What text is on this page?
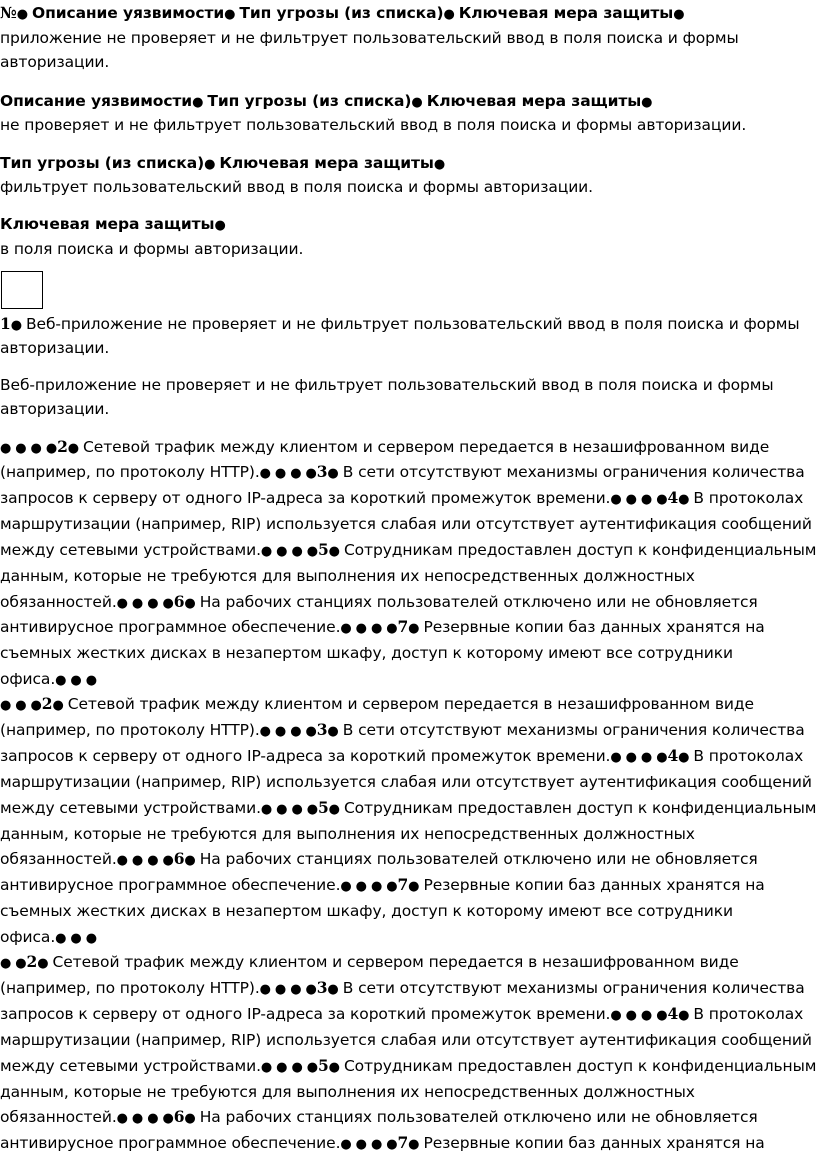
№● Описание уязвимости● Тип угрозы (из списка)● Ключевая мера защиты●
приложение не проверяет и не фильтрует пользовательский ввод в поля поиска и формы
авторизации.
Описание уязвимости● Тип угрозы (из списка)● Ключевая мера защиты●
не проверяет и не фильтрует пользовательский ввод в поля поиска и формы авторизации.
Тип угрозы (из списка)● Ключевая мера защиты●
фильтрует пользовательский ввод в поля поиска и формы авторизации.
Ключевая мера защиты●
в поля поиска и формы авторизации.
1● Веб-приложение не проверяет и не фильтрует пользовательский ввод в поля поиска и формы
авторизации.
Веб-приложение не проверяет и не фильтрует пользовательский ввод в поля поиска и формы
авторизации.
● ● ● ●2● Сетевой трафик между клиентом и сервером передается в незашифрованном виде
(например, по протоколу HTTP).● ● ● ●3● В сети отсутствуют механизмы ограничения количества
запросов к серверу от одного IP-адреса за короткий промежуток времени.● ● ● ●4● В протоколах
маршрутизации (например, RIP) используется слабая или отсутствует аутентификация сообщений
между сетевыми устройствами.● ● ● ●5● Сотрудникам предоставлен доступ к конфиденциальным
данным, которые не требуются для выполнения их непосредственных должностных
обязанностей.● ● ● ●6● На рабочих станциях пользователей отключено или не обновляется
антивирусное программное обеспечение.● ● ● ●7● Резервные копии баз данных хранятся на
съемных жестких дисках в незапертом шкафу, доступ к которому имеют все сотрудники
офиса.● ● ●
● ● ●2● Сетевой трафик между клиентом и сервером передается в незашифрованном виде
(например, по протоколу HTTP).● ● ● ●3● В сети отсутствуют механизмы ограничения количества
запросов к серверу от одного IP-адреса за короткий промежуток времени.● ● ● ●4● В протоколах
маршрутизации (например, RIP) используется слабая или отсутствует аутентификация сообщений
между сетевыми устройствами.● ● ● ●5● Сотрудникам предоставлен доступ к конфиденциальным
данным, которые не требуются для выполнения их непосредственных должностных
обязанностей.● ● ● ●6● На рабочих станциях пользователей отключено или не обновляется
антивирусное программное обеспечение.● ● ● ●7● Резервные копии баз данных хранятся на
съемных жестких дисках в незапертом шкафу, доступ к которому имеют все сотрудники
офиса.● ● ●
● ●2● Сетевой трафик между клиентом и сервером передается в незашифрованном виде
(например, по протоколу HTTP).● ● ● ●3● В сети отсутствуют механизмы ограничения количества
запросов к серверу от одного IP-адреса за короткий промежуток времени.● ● ● ●4● В протоколах
маршрутизации (например, RIP) используется слабая или отсутствует аутентификация сообщений
между сетевыми устройствами.● ● ● ●5● Сотрудникам предоставлен доступ к конфиденциальным
данным, которые не требуются для выполнения их непосредственных должностных
обязанностей.● ● ● ●6● На рабочих станциях пользователей отключено или не обновляется
антивирусное программное обеспечение.● ● ● ●7● Резервные копии баз данных хранятся на
